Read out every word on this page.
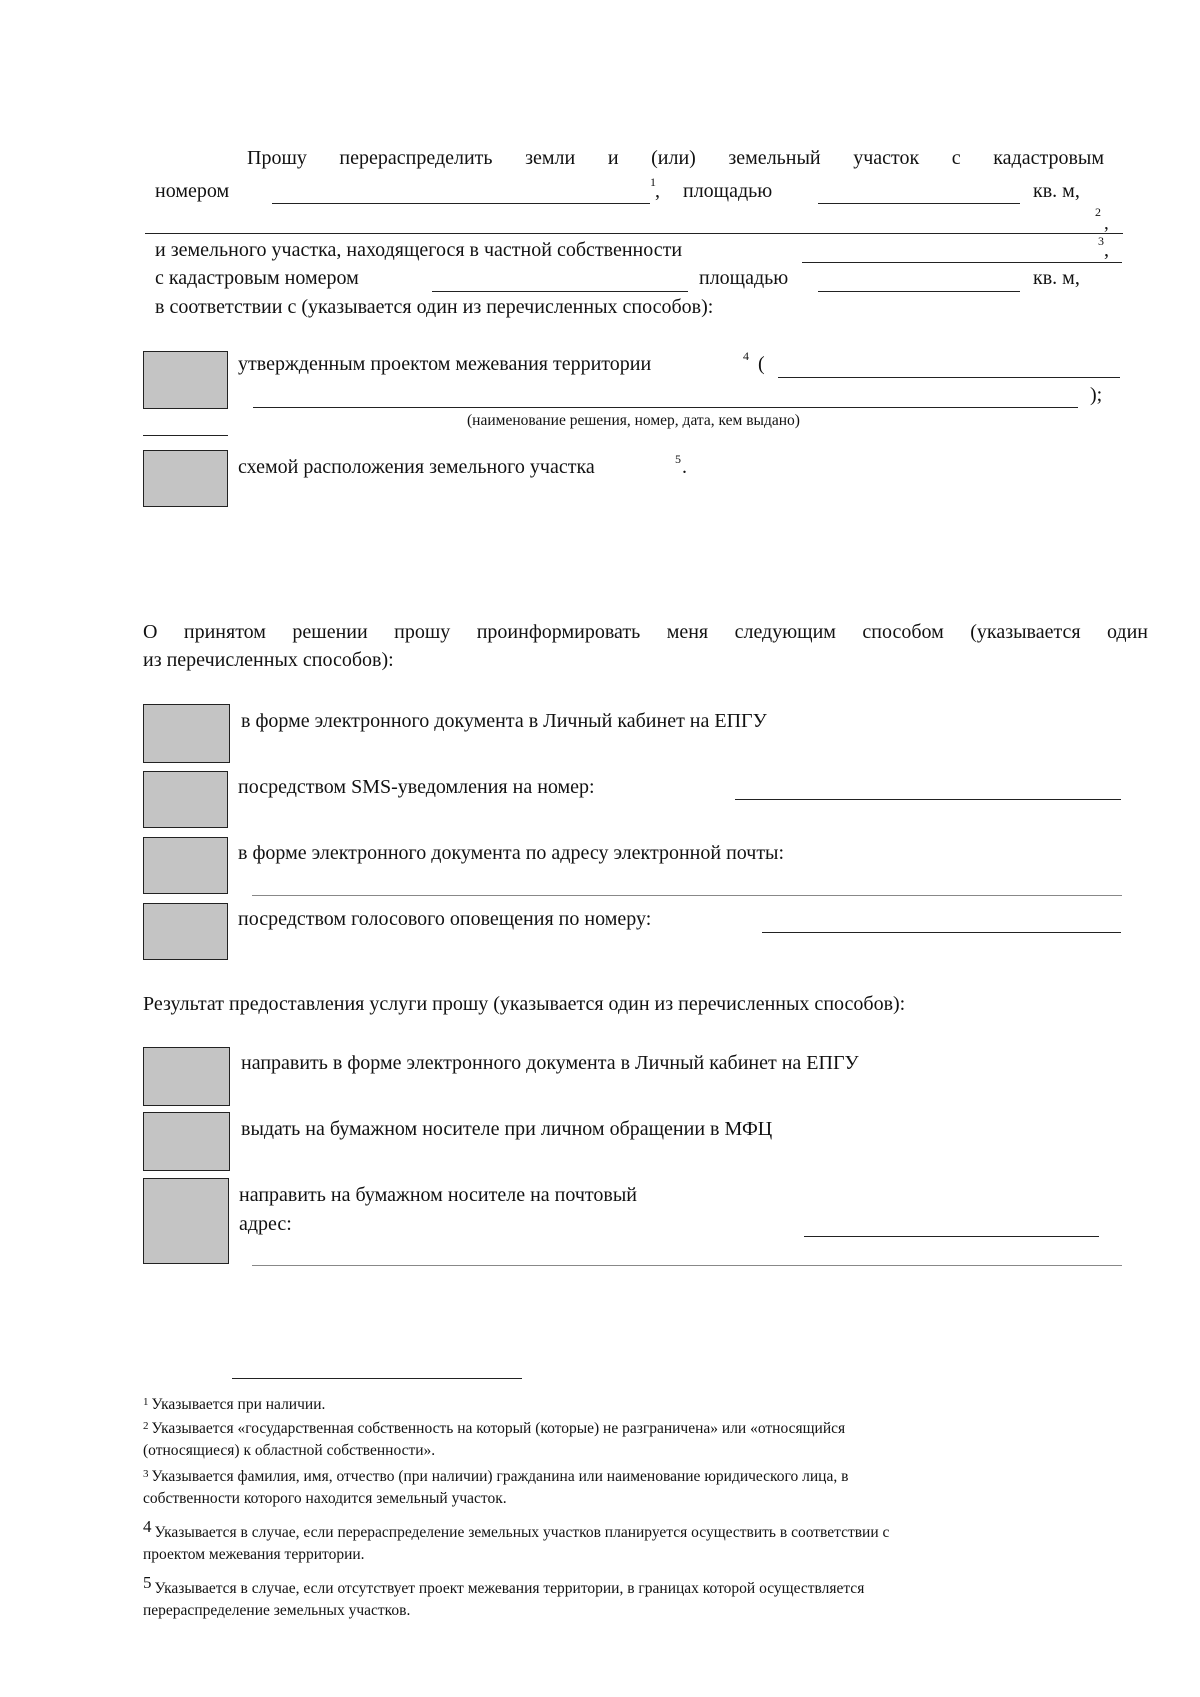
Прошу перераспределить земли и (или) земельный участок с кадастровым
номером	1 , площадью	кв. м,
2
,
и земельного участка, находящегося в частной собственности	3 ,
с кадастровым номером	площадью	кв. м,
в соответствии с (указывается один из перечисленных способов):
утвержденным проектом межевания территории	4 (
);
(наименование решения, номер, дата, кем выдано)
схемой расположения земельного участка	5 .
О принятом решении прошу проинформировать меня следующим способом (указывается один
из перечисленных способов):
в форме электронного документа в Личный кабинет на ЕПГУ
посредством SMS-уведомления на номер:
в форме электронного документа по адресу электронной почты:
посредством голосового оповещения по номеру:
Результат предоставления услуги прошу (указывается один из перечисленных способов):
направить в форме электронного документа в Личный кабинет на ЕПГУ
выдать на бумажном носителе при личном обращении в МФЦ
направить на бумажном носителе на почтовый
адрес:
$^1$ Указывается при наличии.
$^2$ Указывается «государственная собственность на который (которые) не разграничена» или «относящийся
(относящиеся) к областной собственности».
$^3$ Указывается фамилия, имя, отчество (при наличии) гражданина или наименование юридического лица, в
собственности которого находится земельный участок.
4 Указывается в случае, если перераспределение земельных участков планируется осуществить в соответствии с
проектом межевания территории.
5 Указывается в случае, если отсутствует проект межевания территории, в границах которой осуществляется
перераспределение земельных участков.
